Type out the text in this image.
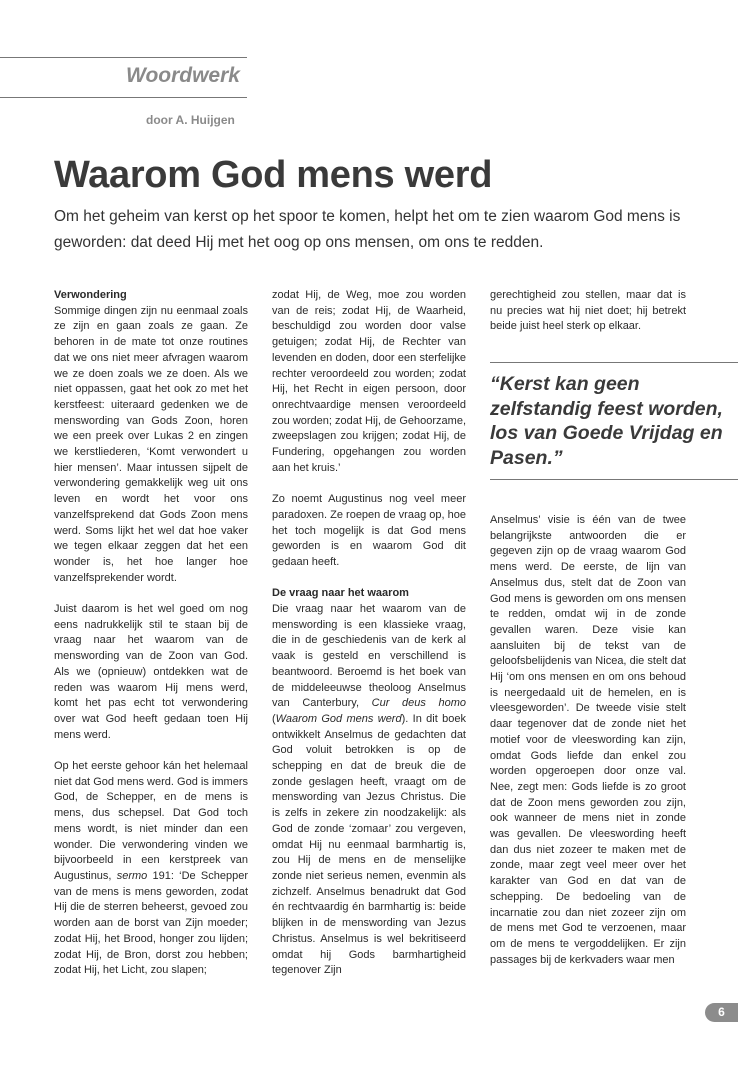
Woordwerk
door A. Huijgen
Waarom God mens werd

Om het geheim van kerst op het spoor te komen, helpt het om te zien waarom God mens is geworden: dat deed Hij met het oog op ons mensen, om ons te redden.

Verwondering

Sommige dingen zijn nu eenmaal zoals ze zijn en gaan zoals ze gaan. Ze behoren in de mate tot onze routines dat we ons niet meer afvragen waarom we ze doen zoals we ze doen. Als we niet oppassen, gaat het ook zo met het kerstfeest: uiteraard gedenken we de menswording van Gods Zoon, horen we een preek over Lukas 2 en zingen we kerstliederen, ‘Komt verwondert u hier mensen’. Maar intussen sijpelt de verwondering gemakkelijk weg uit ons leven en wordt het voor ons vanzelfsprekend dat Gods Zoon mens werd. Soms lijkt het wel dat hoe vaker we tegen elkaar zeggen dat het een wonder is, het hoe langer hoe vanzelfsprekender wordt.

Juist daarom is het wel goed om nog eens nadrukkelijk stil te staan bij de vraag naar het waarom van de menswording van de Zoon van God. Als we (opnieuw) ontdekken wat de reden was waarom Hij mens werd, komt het pas echt tot verwondering over wat God heeft gedaan toen Hij mens werd.

Op het eerste gehoor kán het helemaal niet dat God mens werd. God is immers God, de Schepper, en de mens is mens, dus schepsel. Dat God toch mens wordt, is niet minder dan een wonder. Die verwondering vinden we bijvoorbeeld in een kerstpreek van Augustinus, sermo 191: ‘De Schepper van de mens is mens geworden, zodat Hij die de sterren beheerst, gevoed zou worden aan de borst van Zijn moeder; zodat Hij, het Brood, honger zou lijden; zodat Hij, de Bron, dorst zou hebben; zodat Hij, het Licht, zou slapen;

zodat Hij, de Weg, moe zou worden van de reis; zodat Hij, de Waarheid, beschuldigd zou worden door valse getuigen; zodat Hij, de Rechter van levenden en doden, door een sterfelijke rechter veroordeeld zou worden; zodat Hij, het Recht in eigen persoon, door onrechtvaardige mensen veroordeeld zou worden; zodat Hij, de Gehoorzame, zweepslagen zou krijgen; zodat Hij, de Fundering, opgehangen zou worden aan het kruis.’

Zo noemt Augustinus nog veel meer paradoxen. Ze roepen de vraag op, hoe het toch mogelijk is dat God mens geworden is en waarom God dit gedaan heeft.

De vraag naar het waarom

Die vraag naar het waarom van de menswording is een klassieke vraag, die in de geschiedenis van de kerk al vaak is gesteld en verschillend is beantwoord. Beroemd is het boek van de middeleeuwse theoloog Anselmus van Canterbury, Cur deus homo (Waarom God mens werd). In dit boek ontwikkelt Anselmus de gedachten dat God voluit betrokken is op de schepping en dat de breuk die de zonde geslagen heeft, vraagt om de menswording van Jezus Christus. Die is zelfs in zekere zin noodzakelijk: als God de zonde ‘zomaar’ zou vergeven, omdat Hij nu eenmaal barmhartig is, zou Hij de mens en de menselijke zonde niet serieus nemen, evenmin als zichzelf. Anselmus benadrukt dat God én rechtvaardig én barmhartig is: beide blijken in de menswording van Jezus Christus. Anselmus is wel bekritiseerd omdat hij Gods barmhartigheid tegenover Zijn

gerechtigheid zou stellen, maar dat is nu precies wat hij niet doet; hij betrekt beide juist heel sterk op elkaar.

“Kerst kan geen zelfstandig feest worden, los van Goede Vrijdag en Pasen.”

Anselmus’ visie is één van de twee belangrijkste antwoorden die er gegeven zijn op de vraag waarom God mens werd. De eerste, de lijn van Anselmus dus, stelt dat de Zoon van God mens is geworden om ons mensen te redden, omdat wij in de zonde gevallen waren. Deze visie kan aansluiten bij de tekst van de geloofsbelijdenis van Nicea, die stelt dat Hij ‘om ons mensen en om ons behoud is neergedaald uit de hemelen, en is vleesgeworden’. De tweede visie stelt daar tegenover dat de zonde niet het motief voor de vleeswording kan zijn, omdat Gods liefde dan enkel zou worden opgeroepen door onze val. Nee, zegt men: Gods liefde is zo groot dat de Zoon mens geworden zou zijn, ook wanneer de mens niet in zonde was gevallen. De vleeswording heeft dan dus niet zozeer te maken met de zonde, maar zegt veel meer over het karakter van God en dat van de schepping. De bedoeling van de incarnatie zou dan niet zozeer zijn om de mens met God te verzoenen, maar om de mens te vergoddelijken. Er zijn passages bij de kerkvaders waar men

6
